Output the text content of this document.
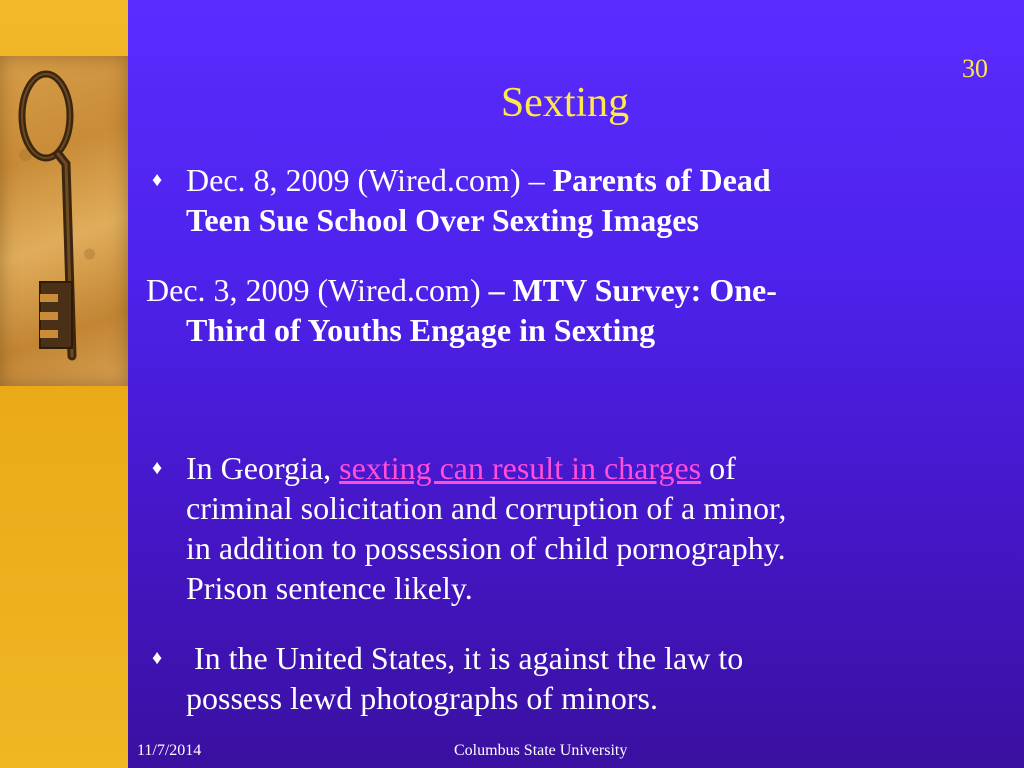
30
Sexting
♦ Dec. 8, 2009 (Wired.com) – Parents of Dead
Teen Sue School Over Sexting Images
Dec. 3, 2009 (Wired.com) – MTV Survey: One-
Third of Youths Engage in Sexting
♦ In Georgia, sexting can result in charges of
criminal solicitation and corruption of a minor,
in addition to possession of child pornography.
Prison sentence likely.
♦ In the United States, it is against the law to
possess lewd photographs of minors.
11/7/2014	Columbus State University
